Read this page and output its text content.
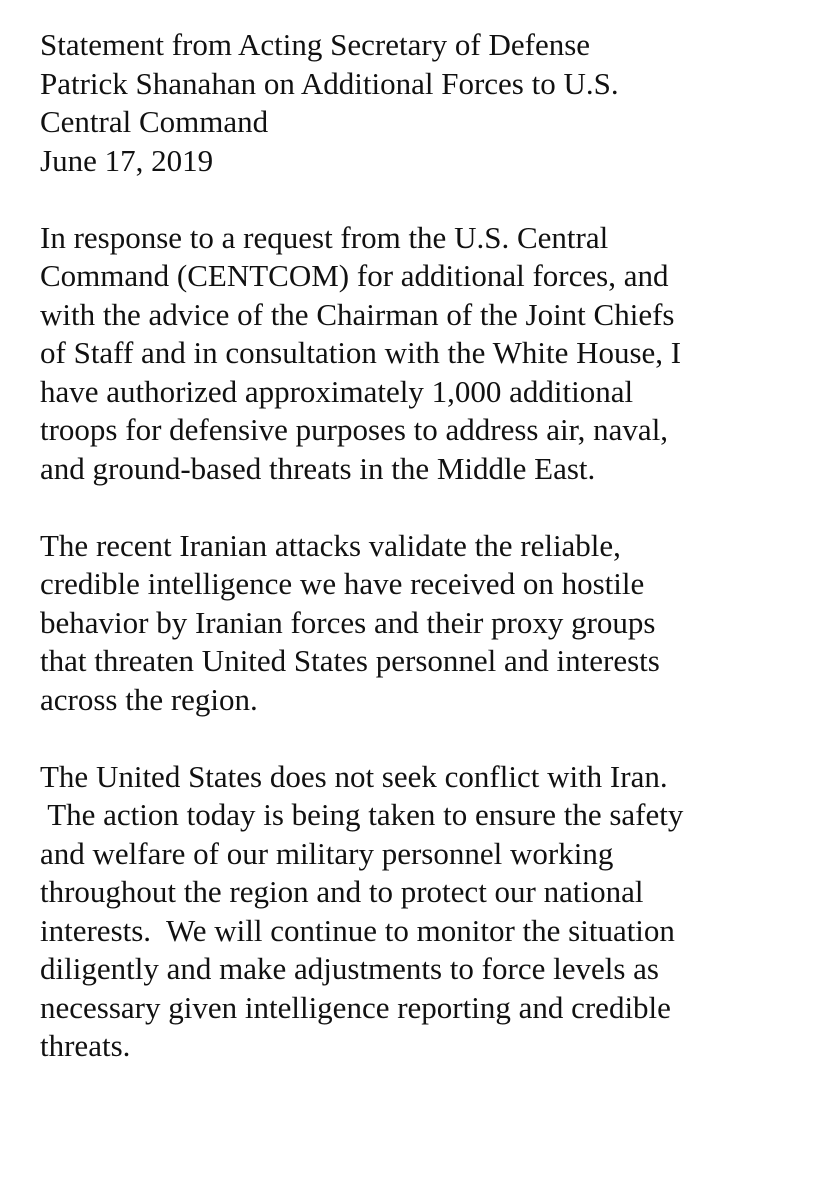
Statement from Acting Secretary of Defense
Patrick Shanahan on Additional Forces to U.S.
Central Command
June 17, 2019
In response to a request from the U.S. Central
Command (CENTCOM) for additional forces, and
with the advice of the Chairman of the Joint Chiefs
of Staff and in consultation with the White House, I
have authorized approximately 1,000 additional
troops for defensive purposes to address air, naval,
and ground-based threats in the Middle East.
The recent Iranian attacks validate the reliable,
credible intelligence we have received on hostile
behavior by Iranian forces and their proxy groups
that threaten United States personnel and interests
across the region.
The United States does not seek conflict with Iran.
The action today is being taken to ensure the safety
and welfare of our military personnel working
throughout the region and to protect our national
interests.  We will continue to monitor the situation
diligently and make adjustments to force levels as
necessary given intelligence reporting and credible
threats.
